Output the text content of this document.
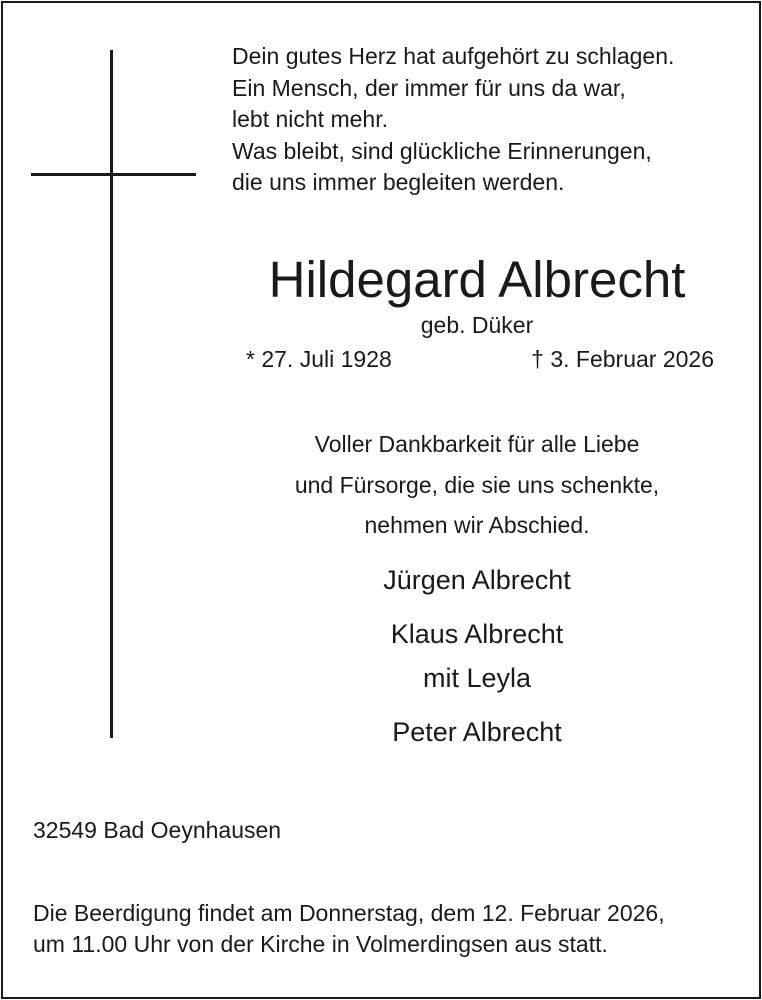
Dein gutes Herz hat aufgehört zu schlagen.
Ein Mensch, der immer für uns da war,
lebt nicht mehr.
Was bleibt, sind glückliche Erinnerungen,
die uns immer begleiten werden.
Hildegard Albrecht
geb. Düker
* 27. Juli 1928	† 3. Februar 2026
Voller Dankbarkeit für alle Liebe
und Fürsorge, die sie uns schenkte,
nehmen wir Abschied.
Jürgen Albrecht
Klaus Albrecht
mit Leyla
Peter Albrecht
32549 Bad Oeynhausen
Die Beerdigung findet am Donnerstag, dem 12. Februar 2026,
um 11.00 Uhr von der Kirche in Volmerdingsen aus statt.
